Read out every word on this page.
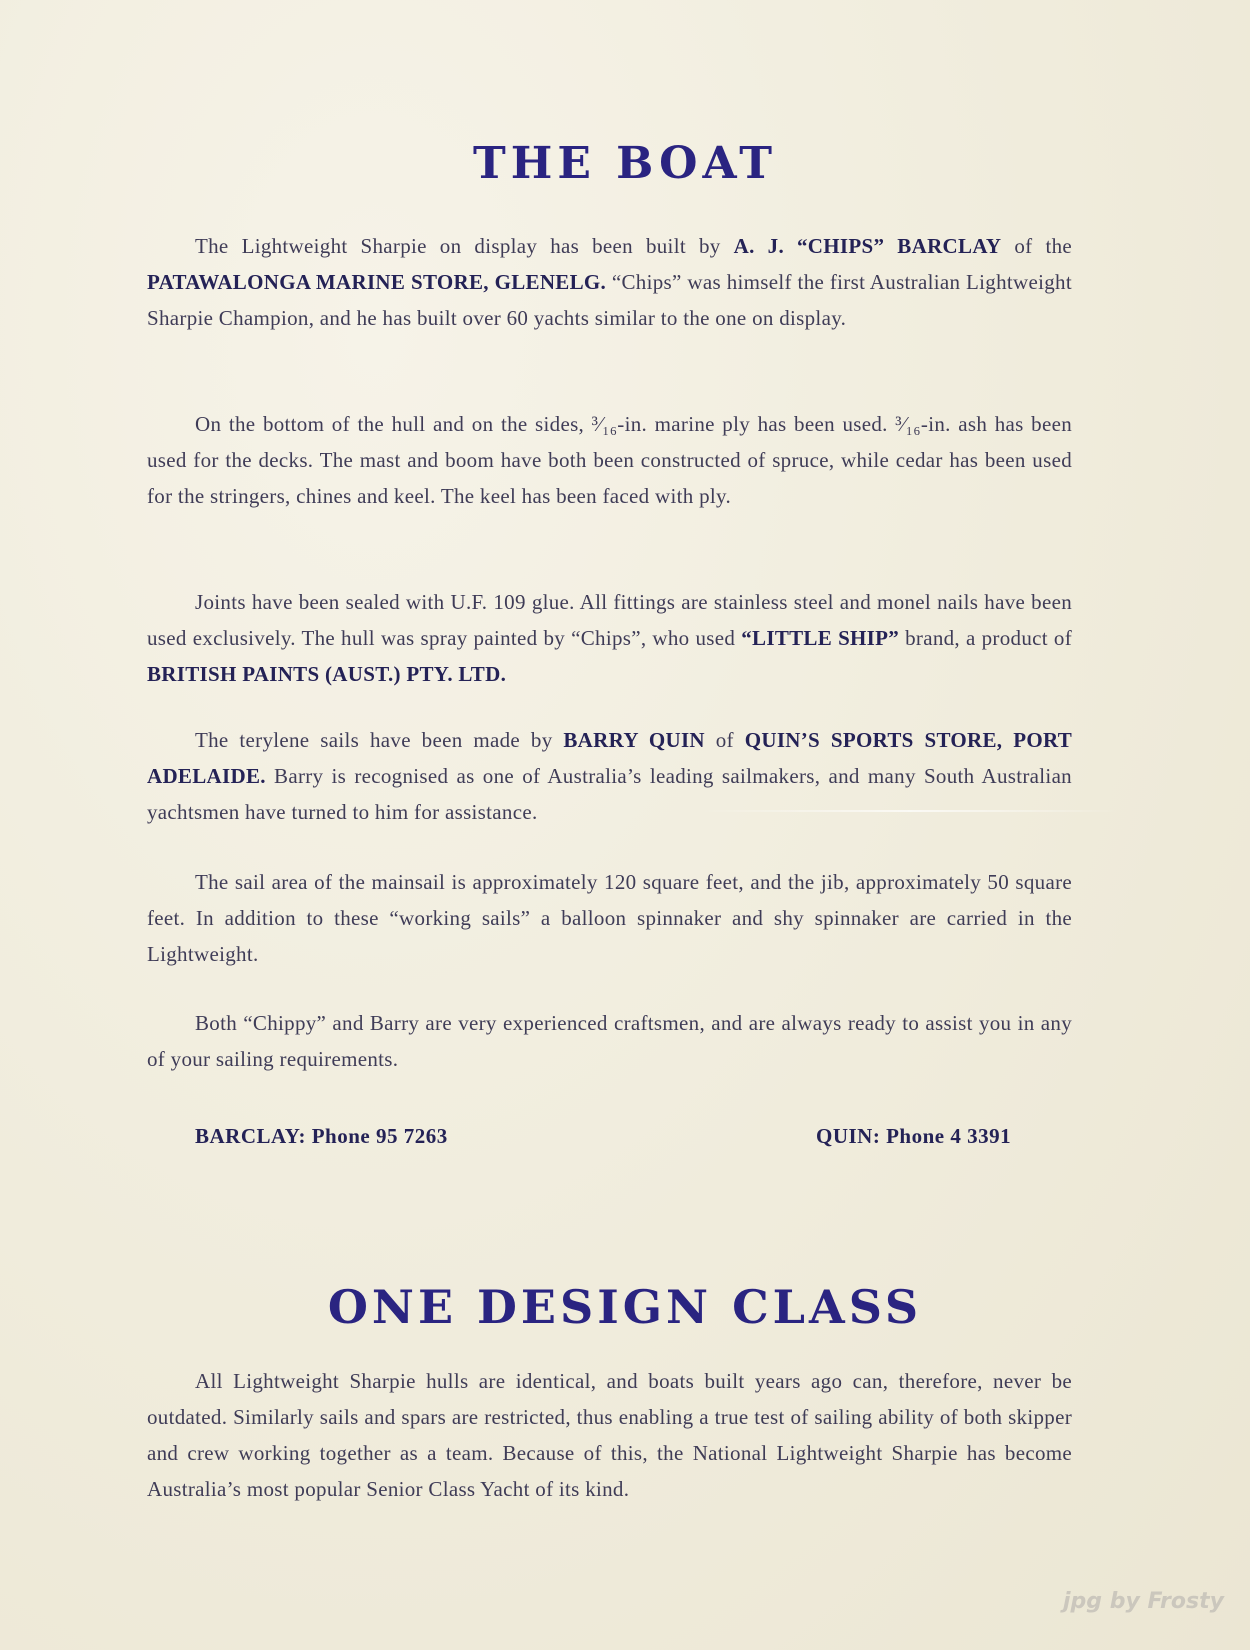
THE BOAT

The Lightweight Sharpie on display has been built by A. J. “CHIPS” BARCLAY of the PATAWALONGA MARINE STORE, GLENELG. “Chips” was himself the first Australian Lightweight Sharpie Champion, and he has built over 60 yachts similar to the one on display.

On the bottom of the hull and on the sides, ³⁄₁₆-in. marine ply has been used. ³⁄₁₆-in. ash has been used for the decks. The mast and boom have both been constructed of spruce, while cedar has been used for the stringers, chines and keel. The keel has been faced with ply.

Joints have been sealed with U.F. 109 glue. All fittings are stainless steel and monel nails have been used exclusively. The hull was spray painted by “Chips”, who used “LITTLE SHIP” brand, a product of BRITISH PAINTS (AUST.) PTY. LTD.

The terylene sails have been made by BARRY QUIN of QUIN’S SPORTS STORE, PORT ADELAIDE. Barry is recognised as one of Australia’s leading sailmakers, and many South Australian yachtsmen have turned to him for assistance.

The sail area of the mainsail is approximately 120 square feet, and the jib, approximately 50 square feet. In addition to these “working sails” a balloon spinnaker and shy spinnaker are carried in the Lightweight.

Both “Chippy” and Barry are very experienced craftsmen, and are always ready to assist you in any of your sailing requirements.

BARCLAY: Phone 95 7263	QUIN: Phone 4 3391
ONE DESIGN CLASS

All Lightweight Sharpie hulls are identical, and boats built years ago can, therefore, never be outdated. Similarly sails and spars are restricted, thus enabling a true test of sailing ability of both skipper and crew working together as a team. Because of this, the National Lightweight Sharpie has become Australia’s most popular Senior Class Yacht of its kind.

jpg by Frosty
